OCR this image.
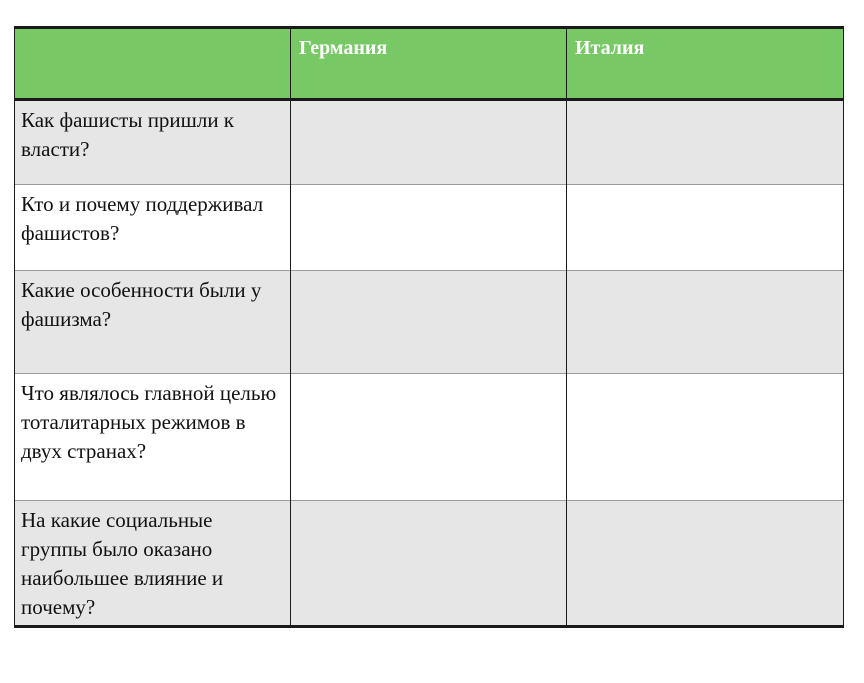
	Германия	Италия
Как фашисты пришли к власти?		
Кто и почему поддерживал фашистов?		
Какие особенности были у фашизма?		
Что являлось главной целью тоталитарных режимов в двух странах?		
На какие социальные группы было оказано наибольшее влияние и почему?		
